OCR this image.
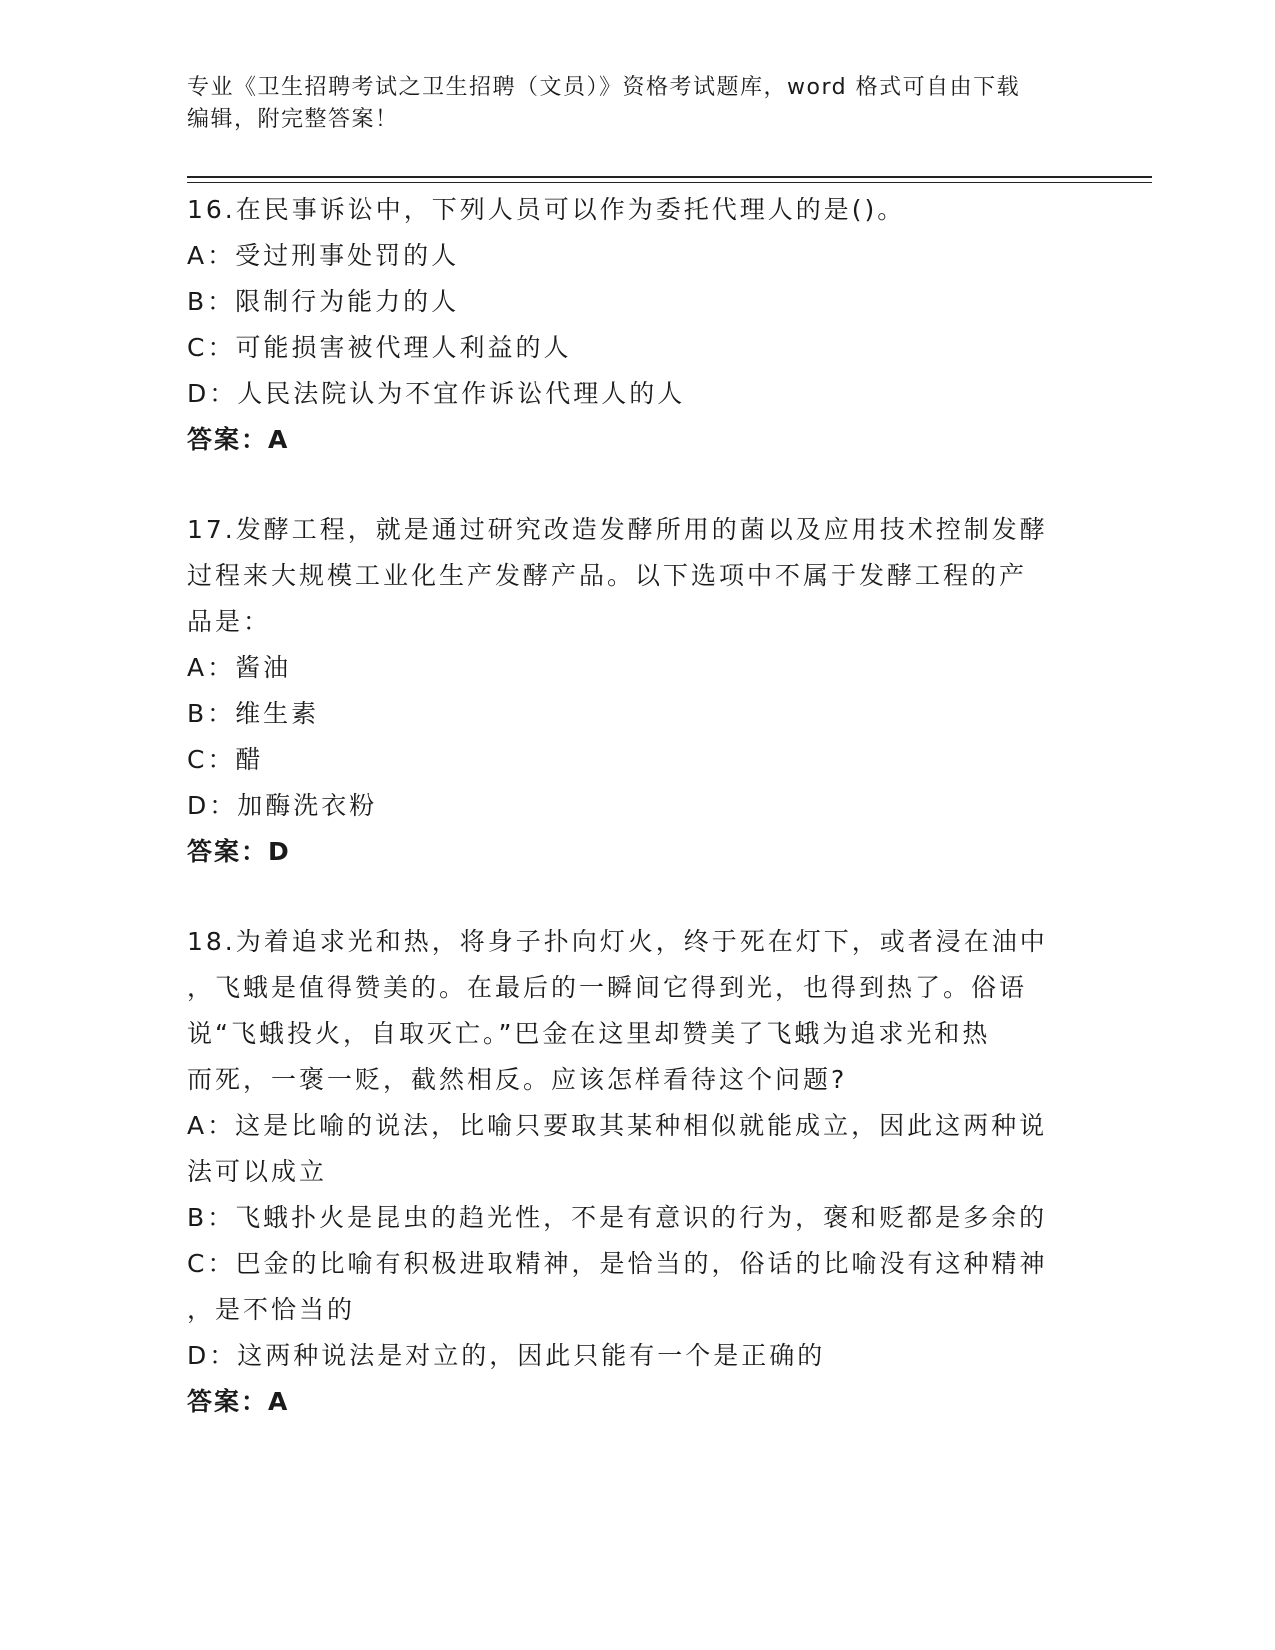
专业《卫生招聘考试之卫生招聘（文员）》资格考试题库，word 格式可自由下载
编辑，附完整答案！
16.在民事诉讼中，下列人员可以作为委托代理人的是()。
A：受过刑事处罚的人
B：限制行为能力的人
C：可能损害被代理人利益的人
D：人民法院认为不宜作诉讼代理人的人
答案：A
17.发酵工程，就是通过研究改造发酵所用的菌以及应用技术控制发酵
过程来大规模工业化生产发酵产品。以下选项中不属于发酵工程的产
品是：
A：酱油
B：维生素
C：醋
D：加酶洗衣粉
答案：D
18.为着追求光和热，将身子扑向灯火，终于死在灯下，或者浸在油中
，飞蛾是值得赞美的。在最后的一瞬间它得到光，也得到热了。俗语
说“飞蛾投火，自取灭亡。”巴金在这里却赞美了飞蛾为追求光和热
而死，一褒一贬，截然相反。应该怎样看待这个问题?
A：这是比喻的说法，比喻只要取其某种相似就能成立，因此这两种说
法可以成立
B：飞蛾扑火是昆虫的趋光性，不是有意识的行为，褒和贬都是多余的
C：巴金的比喻有积极进取精神，是恰当的，俗话的比喻没有这种精神
，是不恰当的
D：这两种说法是对立的，因此只能有一个是正确的
答案：A
